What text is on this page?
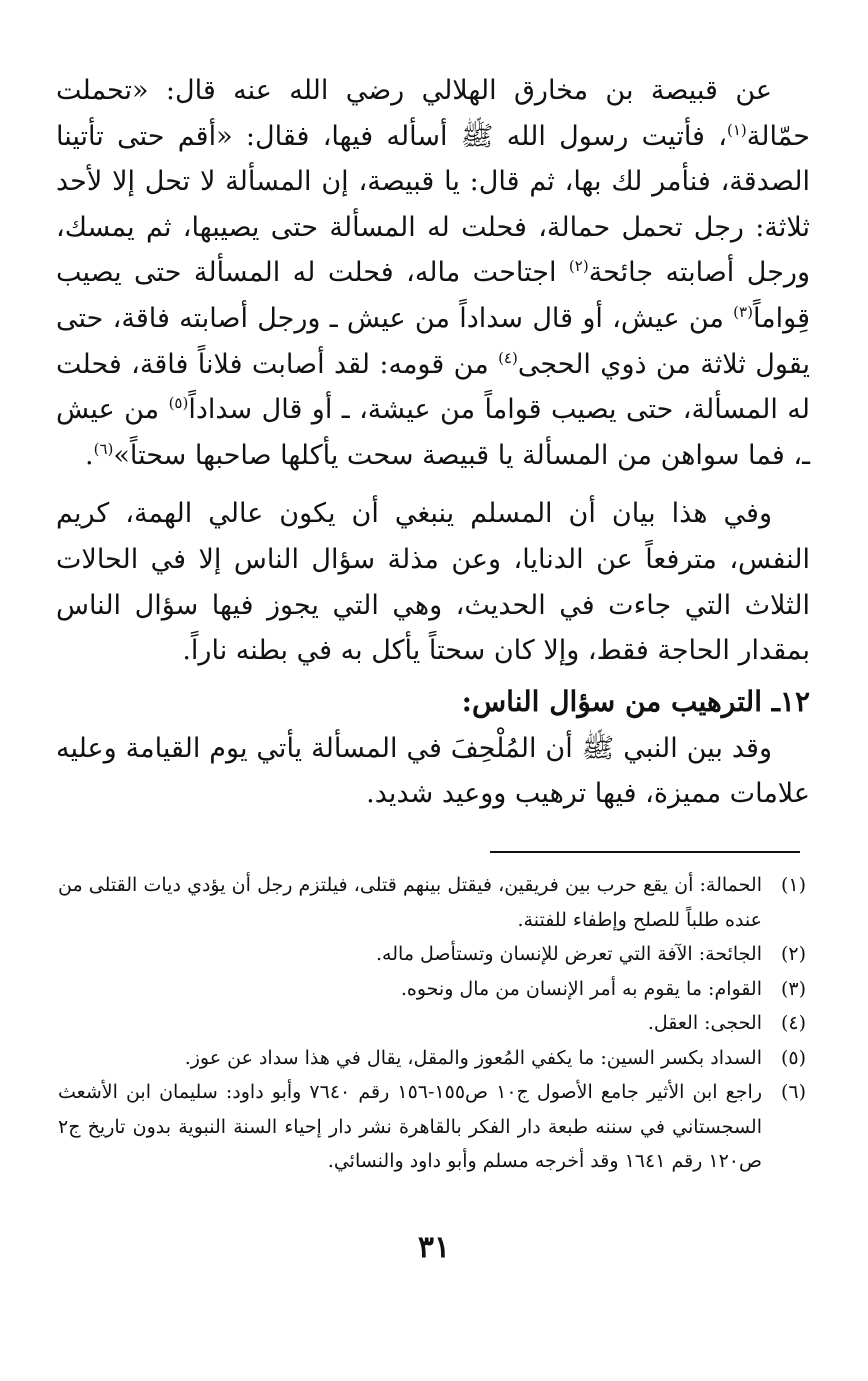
عن قبيصة بن مخارق الهلالي رضي الله عنه قال: «تحملت حمّالة$^{(١)}$، فأتيت رسول الله ﷺ أسأله فيها، فقال: «أقم حتى تأتينا الصدقة، فنأمر لك بها، ثم قال: يا قبيصة، إن المسألة لا تحل إلا لأحد ثلاثة: رجل تحمل حمالة، فحلت له المسألة حتى يصيبها، ثم يمسك، ورجل أصابته جائحة$^{(٢)}$ اجتاحت ماله، فحلت له المسألة حتى يصيب قِواماً$^{(٣)}$ من عيش، أو قال سداداً من عيش ـ ورجل أصابته فاقة، حتى يقول ثلاثة من ذوي الحجى$^{(٤)}$ من قومه: لقد أصابت فلاناً فاقة، فحلت له المسألة، حتى يصيب قواماً من عيشة، ـ أو قال سداداً$^{(٥)}$ من عيش ـ، فما سواهن من المسألة يا قبيصة سحت يأكلها صاحبها سحتاً»$^{(٦)}$.

وفي هذا بيان أن المسلم ينبغي أن يكون عالي الهمة، كريم النفس، مترفعاً عن الدنايا، وعن مذلة سؤال الناس إلا في الحالات الثلاث التي جاءت في الحديث، وهي التي يجوز فيها سؤال الناس بمقدار الحاجة فقط، وإلا كان سحتاً يأكل به في بطنه ناراً.

١٢ـ الترهيب من سؤال الناس:

وقد بين النبي ﷺ أن المُلْحِفَ في المسألة يأتي يوم القيامة وعليه علامات مميزة، فيها ترهيب ووعيد شديد.

(١)
الحمالة: أن يقع حرب بين فريقين، فيقتل بينهم قتلى، فيلتزم رجل أن يؤدي ديات القتلى من عنده طلباً للصلح وإطفاء للفتنة.
(٢)
الجائحة: الآفة التي تعرض للإنسان وتستأصل ماله.
(٣)
القوام: ما يقوم به أمر الإنسان من مال ونحوه.
(٤)
الحجى: العقل.
(٥)
السداد بكسر السين: ما يكفي المُعوز والمقل، يقال في هذا سداد عن عوز.
(٦)
راجع ابن الأثير جامع الأصول ج١٠ ص١٥٥-١٥٦ رقم ٧٦٤٠ وأبو داود: سليمان ابن الأشعث السجستاني في سننه طبعة دار الفكر بالقاهرة نشر دار إحياء السنة النبوية بدون تاريخ ج٢ ص١٢٠ رقم ١٦٤١ وقد أخرجه مسلم وأبو داود والنسائي.
٣١
